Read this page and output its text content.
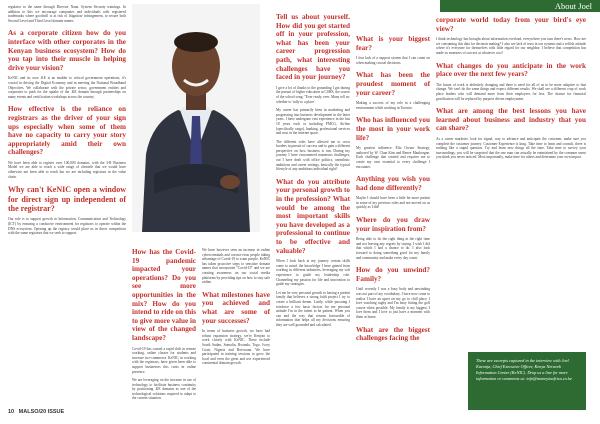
regulator to the same through Director Nana. System Security trainings. In addition to this we encourage companies and individuals with registered trademarks where goodwill is at risk of litigation/ infringement, to secure both Second Level and Third Level domain names.

As a corporate citizen how do you interface with other corporates in the Kenyan business ecosystem? How do you tap into their muscle in helping drive your vision?

KeNIC and its own .KE is an enabler to critical government operations, it's crucial in driving the Digital Economy and in meeting the National Broadband Objectives. We collaborate with the private sector, government entities and corporates to push for the uptake of the .KE domain through partnerships on many events and certification workshops across the country.

How effective is the reliance on registrars as the driver of your sign ups especially when some of them have no capacity to carry your story appropriately amid their own challenges?

We have been able to register over 100,000 domains, with the 3-R Business Model we are able to reach a wide range of clientele that we would have otherwise not been able to reach but we are including registrars in the value chain.

Why can't KeNIC open a window for direct sign up independent of the registrar?

Our role is to support growth in Information, Communication and Technology (ICT) by ensuring a conducive environment for registrars to operate within the DNS ecosystem. Opening up the registry would place us in direct competition with the same registrars that we seek to support.

How has the Covid-19 pandemic impacted your operations? Do you see more opportunities in the mix? How do you intend to ride on this to give more value in view of the changed landscape?

Covid-19 has caused a rapid shift in remote working, online classes for students and increase in e-commerce. KeNIC, in working with the registrars, have given been able to support businesses this crisis in online presence.

We are leveraging on the increase in use of technology to facilitate business continuity by positioning .KE domains as one of the technological solutions required to adapt to the current situation.

We have however seen an increase in online cybercriminals and corona-virus people taking advantage of Covid-19 to scam people. KeNIC has taken proactive steps to sensitise domain names that incorporate "Covid-19" and we are creating awareness on our social media platforms by providing tips on how to stay safe online.

What milestones have you achieved and what are some of your successes?

In terms of business growth, we have had robust expansion strategy, we're Kenyan to work closely with KeNIC. These include South Sudan, Somalia, Rwanda, Togo, Ivory Coast, Nigeria and Botswana. We have participated in training sessions to grow the local and even the great and use experienced continental domain growth.

Tell us about yourself. How did you get started off in your profession, what has been your career progression path, what interesting challenges have you faced in your journey?

I give a lot of thanks to the grounding I got during the pursuit of higher education at CSHS, the source of the school song: "Ever ready, ever. Many tell us: whether to 'rally to a place'.

My career has primarily been in marketing and progressing into business development in the latter years. I have undergone vast experience in the last 18 years each or including FMCG, Airline (specifically cargo), banking, professional services and now in the internet space.

The different roles have allowed me to cross borders in pursuit of success and to gain a different perspective on how business is run. During my journey I have encountered numerous challenges, out I have dealt with office politics, unrealistic ambitions and career settings, basically the typical lifestyle of any ambitious individual right?

What do you attribute your personal growth to in the profession? What would be among the most important skills you have developed as a professional to continue to be effective and valuable?

When I look back at my journey certain skills come to mind: the knowledge I have gained from working in different industries, leveraging my soft experience to guide my leadership role. Channeling my passion for life and innovation to guide my strategies.

Let me be very personal growth to having a patient family that believes a strong faith project I try to create a brilliant dream. Lastly, while pursuing I reinforce a few basic factors for me personal attitude I'm in the intent to be patient. When you can and the way that returns favourable of information that helps all my decisions ensuring they are well grounded and calculated.

What is your biggest fear?

I fear lack of a support system that I can count on when making crucial decisions.

What has been the proudest moment of your career?

Making a success of my role in a challenging environment while working in Toronto.

Who has influenced you the most in your work life?

My greatest influence: Eliu Owuor Strategy, authored by W. Chan Kim and Renee Mauborgne. Each challenge that created and requires me to create my own essential to every challenge I encounter.

Anything you wish you had done differently?

Maybe I should have been a little bit more patient in some of my previous roles and not moved on as quickly as I did!

Where do you draw your inspiration from?

Being able to do the right thing at the right time and not leaving any regrets by saying, I wish I did that which I had a chance to do. I also look forward to doing something good for my family and community and make every day count.

How do you unwind? Family?

Until recently I was a busy body and unwinding was not part of my vocabulary. I have now come to realise I have an upset on my go to chill place, I love watching rugby and I'm busy hitting the golf course when possible. My family is my biggest. I love them and I love to just have a moment with them at home.

What are the biggest challenges facing the
About Joel
corporate world today from your bird's eye view?

I think technology has brought about information overload, everywhere you turn there's news. How are we consuming this data for decision making? I also see lack of trust in our systems and a selfish attitude where it's everyone for themselves with little regard for our neighbor. I believe that competition has made us monsters of success at whatever cost!

What changes do you anticipate in the work place over the next few years?

The future of work is definitely changing and there is need for all of us to be more adaptive to that change. We can't do the same things and expect different results. We shall see a different crop of work place leaders who will demand more from their employees for less. The chance for financial gratification will be replaced by purpose driven employment.

What are among the best lessons you have learned about business and industry that you can share?

As a career marketer, look for signal, way to advance and anticipate the customer, make sure you complete the customer journey. Customer Experience is king. Take time to learn and consult, there is nothing like a stupid question. Try and learn new things all the time. Take time to survey your surroundings, you will be surprised that the one man can actually be entertained by the common sense you think you never noticed. Most importantly, make time for others and determine your own impact.

These are excerpts captured in the interview with Joel Karanja, Chief Executive Officer, Kenya Network Information Center (KeNIC). Drop us a line for more information or comments at: info@moneyinafrica.co.ke.
10 MALSO/20 ISSUE
